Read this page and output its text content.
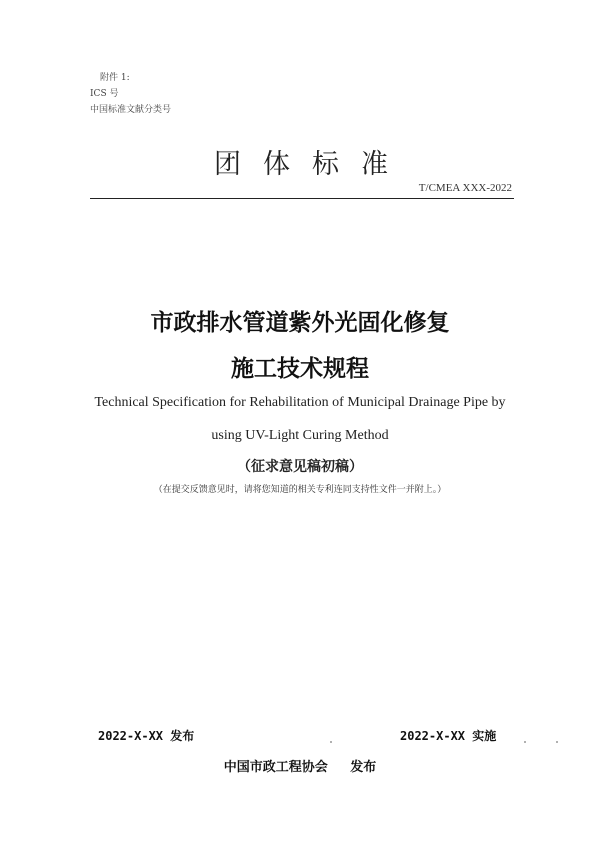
附件 1:
ICS 号
中国标准文献分类号
团体标准
T/CMEA XXX-2022
市政排水管道紫外光固化修复
施工技术规程
Technical Specification for Rehabilitation of Municipal Drainage Pipe by
using UV-Light Curing Method
（征求意见稿初稿）
（在提交反馈意见时，请将您知道的相关专利连同支持性文件一并附上。）
2022-X-XX 发布	2022-X-XX 实施
中国市政工程协会 发布
